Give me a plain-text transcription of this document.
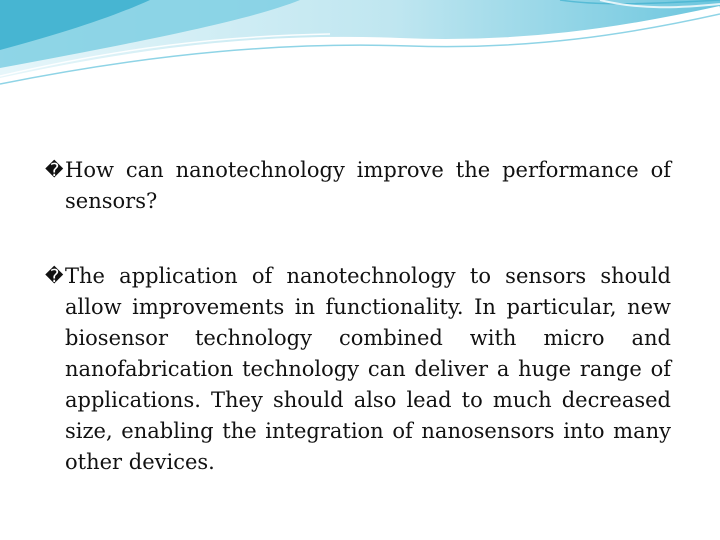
� How can nanotechnology improve the performance of sensors?
� The application of nanotechnology to sensors should allow improvements in functionality. In particular, new biosensor technology combined with micro and nanofabrication technology can deliver a huge range of applications. They should also lead to much decreased size, enabling the integration of nanosensors into many other devices.
